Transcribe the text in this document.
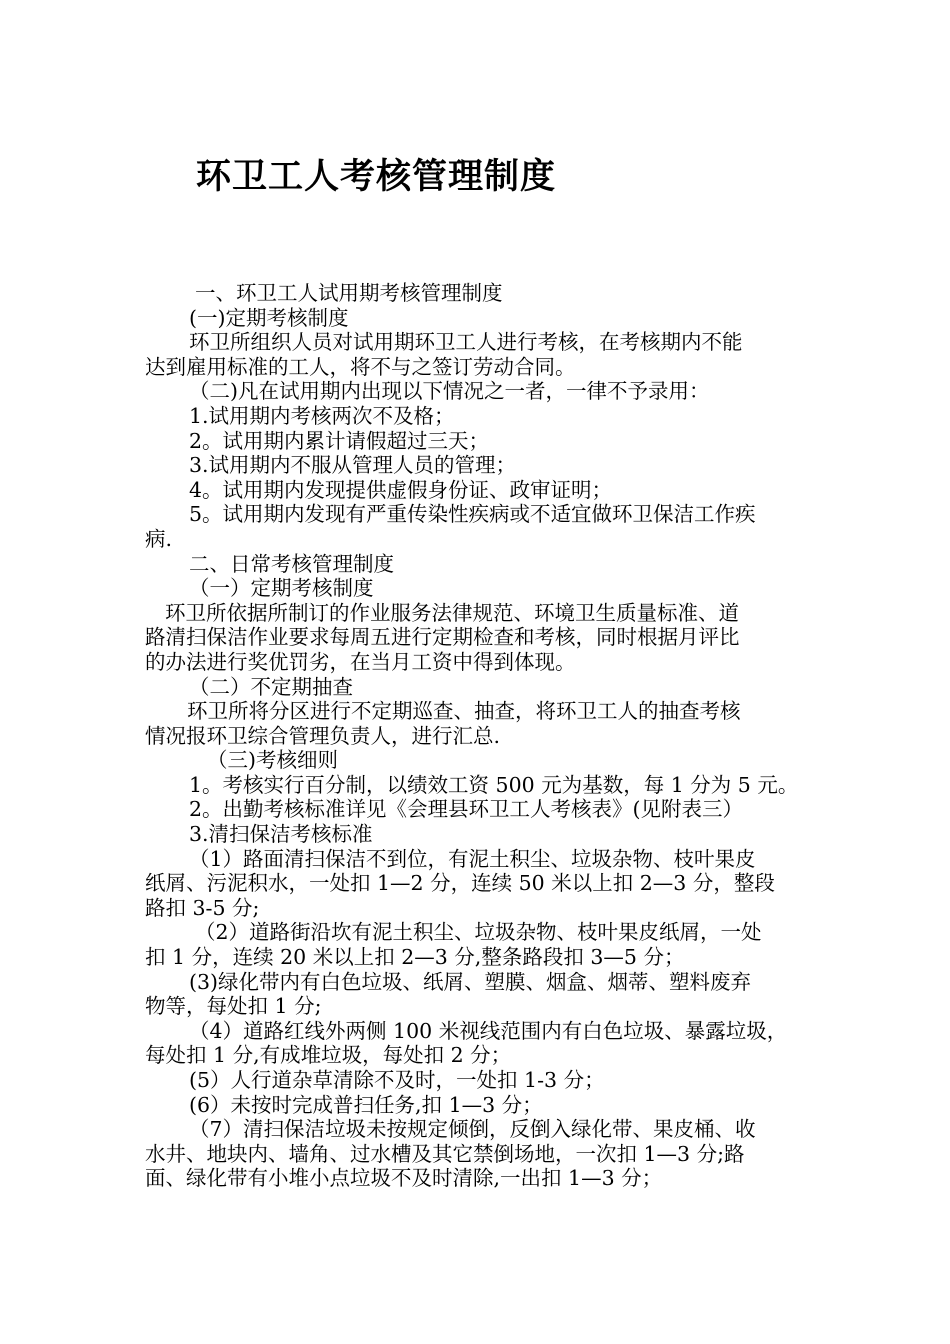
环卫工人考核管理制度

一、环卫工人试用期考核管理制度

(一)定期考核制度

环卫所组织人员对试用期环卫工人进行考核，在考核期内不能

达到雇用标准的工人，将不与之签订劳动合同。

（二)凡在试用期内出现以下情况之一者，一律不予录用：

1.试用期内考核两次不及格；

2。试用期内累计请假超过三天；

3.试用期内不服从管理人员的管理；

4。试用期内发现提供虚假身份证、政审证明；

5。试用期内发现有严重传染性疾病或不适宜做环卫保洁工作疾

病.

二、日常考核管理制度

（一）定期考核制度

环卫所依据所制订的作业服务法律规范、环境卫生质量标准、道

路清扫保洁作业要求每周五进行定期检查和考核，同时根据月评比

的办法进行奖优罚劣，在当月工资中得到体现。

（二）不定期抽查

环卫所将分区进行不定期巡查、抽查，将环卫工人的抽查考核

情况报环卫综合管理负责人，进行汇总.

（三)考核细则

1。考核实行百分制，以绩效工资 500 元为基数，每 1 分为 5 元。

2。出勤考核标准详见《会理县环卫工人考核表》(见附表三）

3.清扫保洁考核标准

（1）路面清扫保洁不到位，有泥土积尘、垃圾杂物、枝叶果皮

纸屑、污泥积水，一处扣 1—2 分，连续 50 米以上扣 2—3 分，整段

路扣 3-5 分;

（2）道路街沿坎有泥土积尘、垃圾杂物、枝叶果皮纸屑，一处

扣 1 分，连续 20 米以上扣 2—3 分,整条路段扣 3—5 分；

(3)绿化带内有白色垃圾、纸屑、塑膜、烟盒、烟蒂、塑料废弃

物等，每处扣 1 分;

（4）道路红线外两侧 100 米视线范围内有白色垃圾、暴露垃圾，

每处扣 1 分,有成堆垃圾，每处扣 2 分；

(5）人行道杂草清除不及时，一处扣 1-3 分；

(6）未按时完成普扫任务,扣 1—3 分；

（7）清扫保洁垃圾未按规定倾倒，反倒入绿化带、果皮桶、收

水井、地块内、墙角、过水槽及其它禁倒场地，一次扣 1—3 分;路

面、绿化带有小堆小点垃圾不及时清除,一出扣 1—3 分；
